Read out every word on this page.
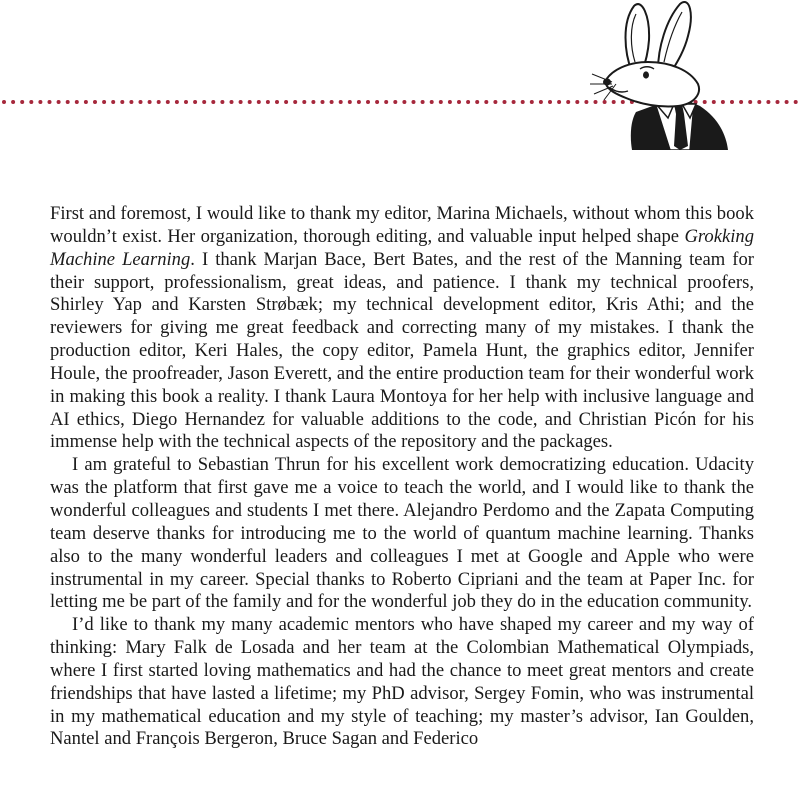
First and foremost, I would like to thank my editor, Marina Michaels, without whom this book wouldn’t exist. Her organization, thorough editing, and valuable input helped shape Grokking Machine Learning. I thank Marjan Bace, Bert Bates, and the rest of the Manning team for their support, professionalism, great ideas, and patience. I thank my technical proofers, Shirley Yap and Karsten Strøbæk; my technical development editor, Kris Athi; and the reviewers for giving me great feedback and correcting many of my mistakes. I thank the production editor, Keri Hales, the copy editor, Pamela Hunt, the graphics editor, Jennifer Houle, the proofreader, Jason Everett, and the entire production team for their wonderful work in making this book a reality. I thank Laura Montoya for her help with inclusive language and AI ethics, Diego Hernandez for valuable additions to the code, and Christian Picón for his immense help with the technical aspects of the repository and the packages.

I am grateful to Sebastian Thrun for his excellent work democratizing education. Udacity was the platform that first gave me a voice to teach the world, and I would like to thank the wonderful colleagues and students I met there. Alejandro Perdomo and the Zapata Computing team deserve thanks for introducing me to the world of quantum machine learning. Thanks also to the many wonderful leaders and colleagues I met at Google and Apple who were instrumental in my career. Special thanks to Roberto Cipriani and the team at Paper Inc. for letting me be part of the family and for the wonderful job they do in the education community.

I’d like to thank my many academic mentors who have shaped my career and my way of thinking: Mary Falk de Losada and her team at the Colombian Mathematical Olympiads, where I first started loving mathematics and had the chance to meet great mentors and create friendships that have lasted a lifetime; my PhD advisor, Sergey Fomin, who was instrumental in my mathematical education and my style of teaching; my master’s advisor, Ian Goulden, Nantel and François Bergeron, Bruce Sagan and Federico
